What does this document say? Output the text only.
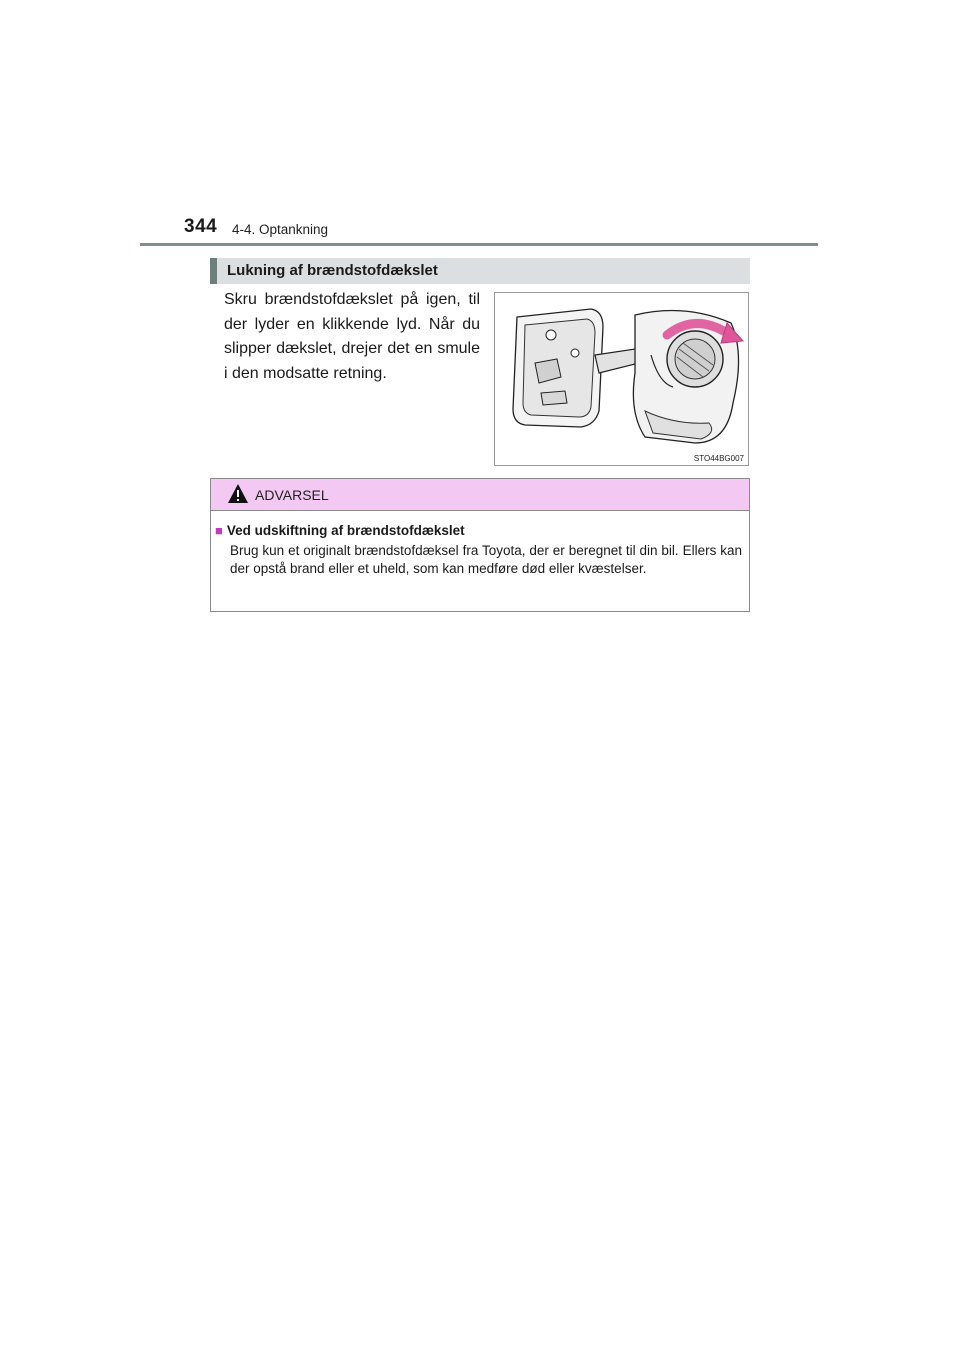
344 4-4. Optankning
Lukning af brændstofdækslet
Skru brændstofdækslet på igen, til der lyder en klikkende lyd. Når du slipper dækslet, drejer det en smule i den modsatte retning.
STO44BG007
ADVARSEL
■ Ved udskiftning af brændstofdækslet
Brug kun et originalt brændstofdæksel fra Toyota, der er beregnet til din bil. Ellers kan der opstå brand eller et uheld, som kan medføre død eller kvæstelser.
